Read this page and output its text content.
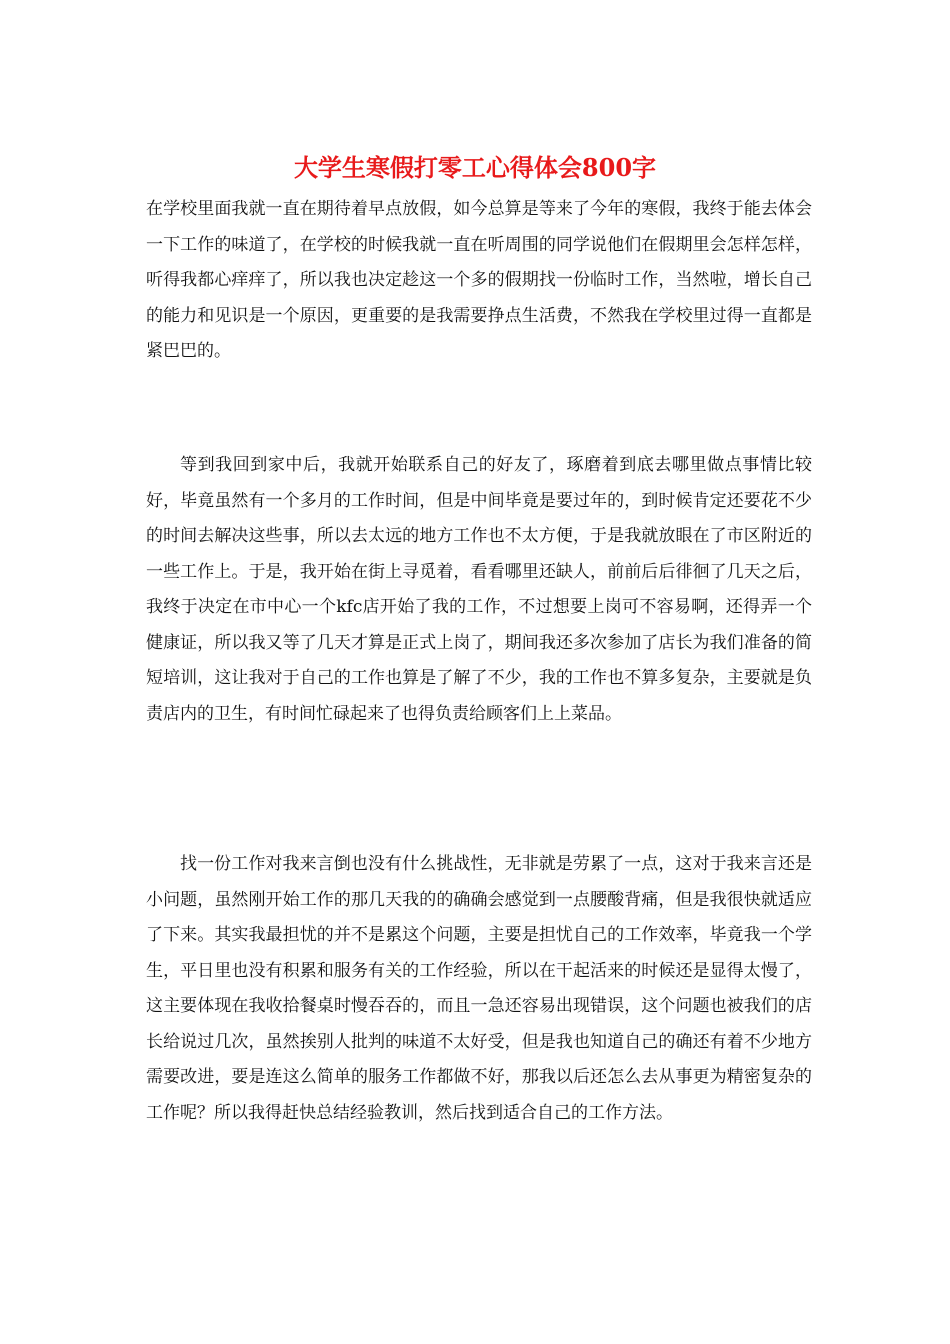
大学生寒假打零工心得体会800字

在学校里面我就一直在期待着早点放假，如今总算是等来了今年的寒假，我终于能去体会一下工作的味道了，在学校的时候我就一直在听周围的同学说他们在假期里会怎样怎样，听得我都心痒痒了，所以我也决定趁这一个多的假期找一份临时工作，当然啦，增长自己的能力和见识是一个原因，更重要的是我需要挣点生活费，不然我在学校里过得一直都是紧巴巴的。

等到我回到家中后，我就开始联系自己的好友了，琢磨着到底去哪里做点事情比较好，毕竟虽然有一个多月的工作时间，但是中间毕竟是要过年的，到时候肯定还要花不少的时间去解决这些事，所以去太远的地方工作也不太方便，于是我就放眼在了市区附近的一些工作上。于是，我开始在街上寻觅着，看看哪里还缺人，前前后后徘徊了几天之后，我终于决定在市中心一个kfc店开始了我的工作，不过想要上岗可不容易啊，还得弄一个健康证，所以我又等了几天才算是正式上岗了，期间我还多次参加了店长为我们准备的简短培训，这让我对于自己的工作也算是了解了不少，我的工作也不算多复杂，主要就是负责店内的卫生，有时间忙碌起来了也得负责给顾客们上上菜品。

找一份工作对我来言倒也没有什么挑战性，无非就是劳累了一点，这对于我来言还是小问题，虽然刚开始工作的那几天我的的确确会感觉到一点腰酸背痛，但是我很快就适应了下来。其实我最担忧的并不是累这个问题，主要是担忧自己的工作效率，毕竟我一个学生，平日里也没有积累和服务有关的工作经验，所以在干起活来的时候还是显得太慢了，这主要体现在我收拾餐桌时慢吞吞的，而且一急还容易出现错误，这个问题也被我们的店长给说过几次，虽然挨别人批判的味道不太好受，但是我也知道自己的确还有着不少地方需要改进，要是连这么简单的服务工作都做不好，那我以后还怎么去从事更为精密复杂的工作呢？所以我得赶快总结经验教训，然后找到适合自己的工作方法。
